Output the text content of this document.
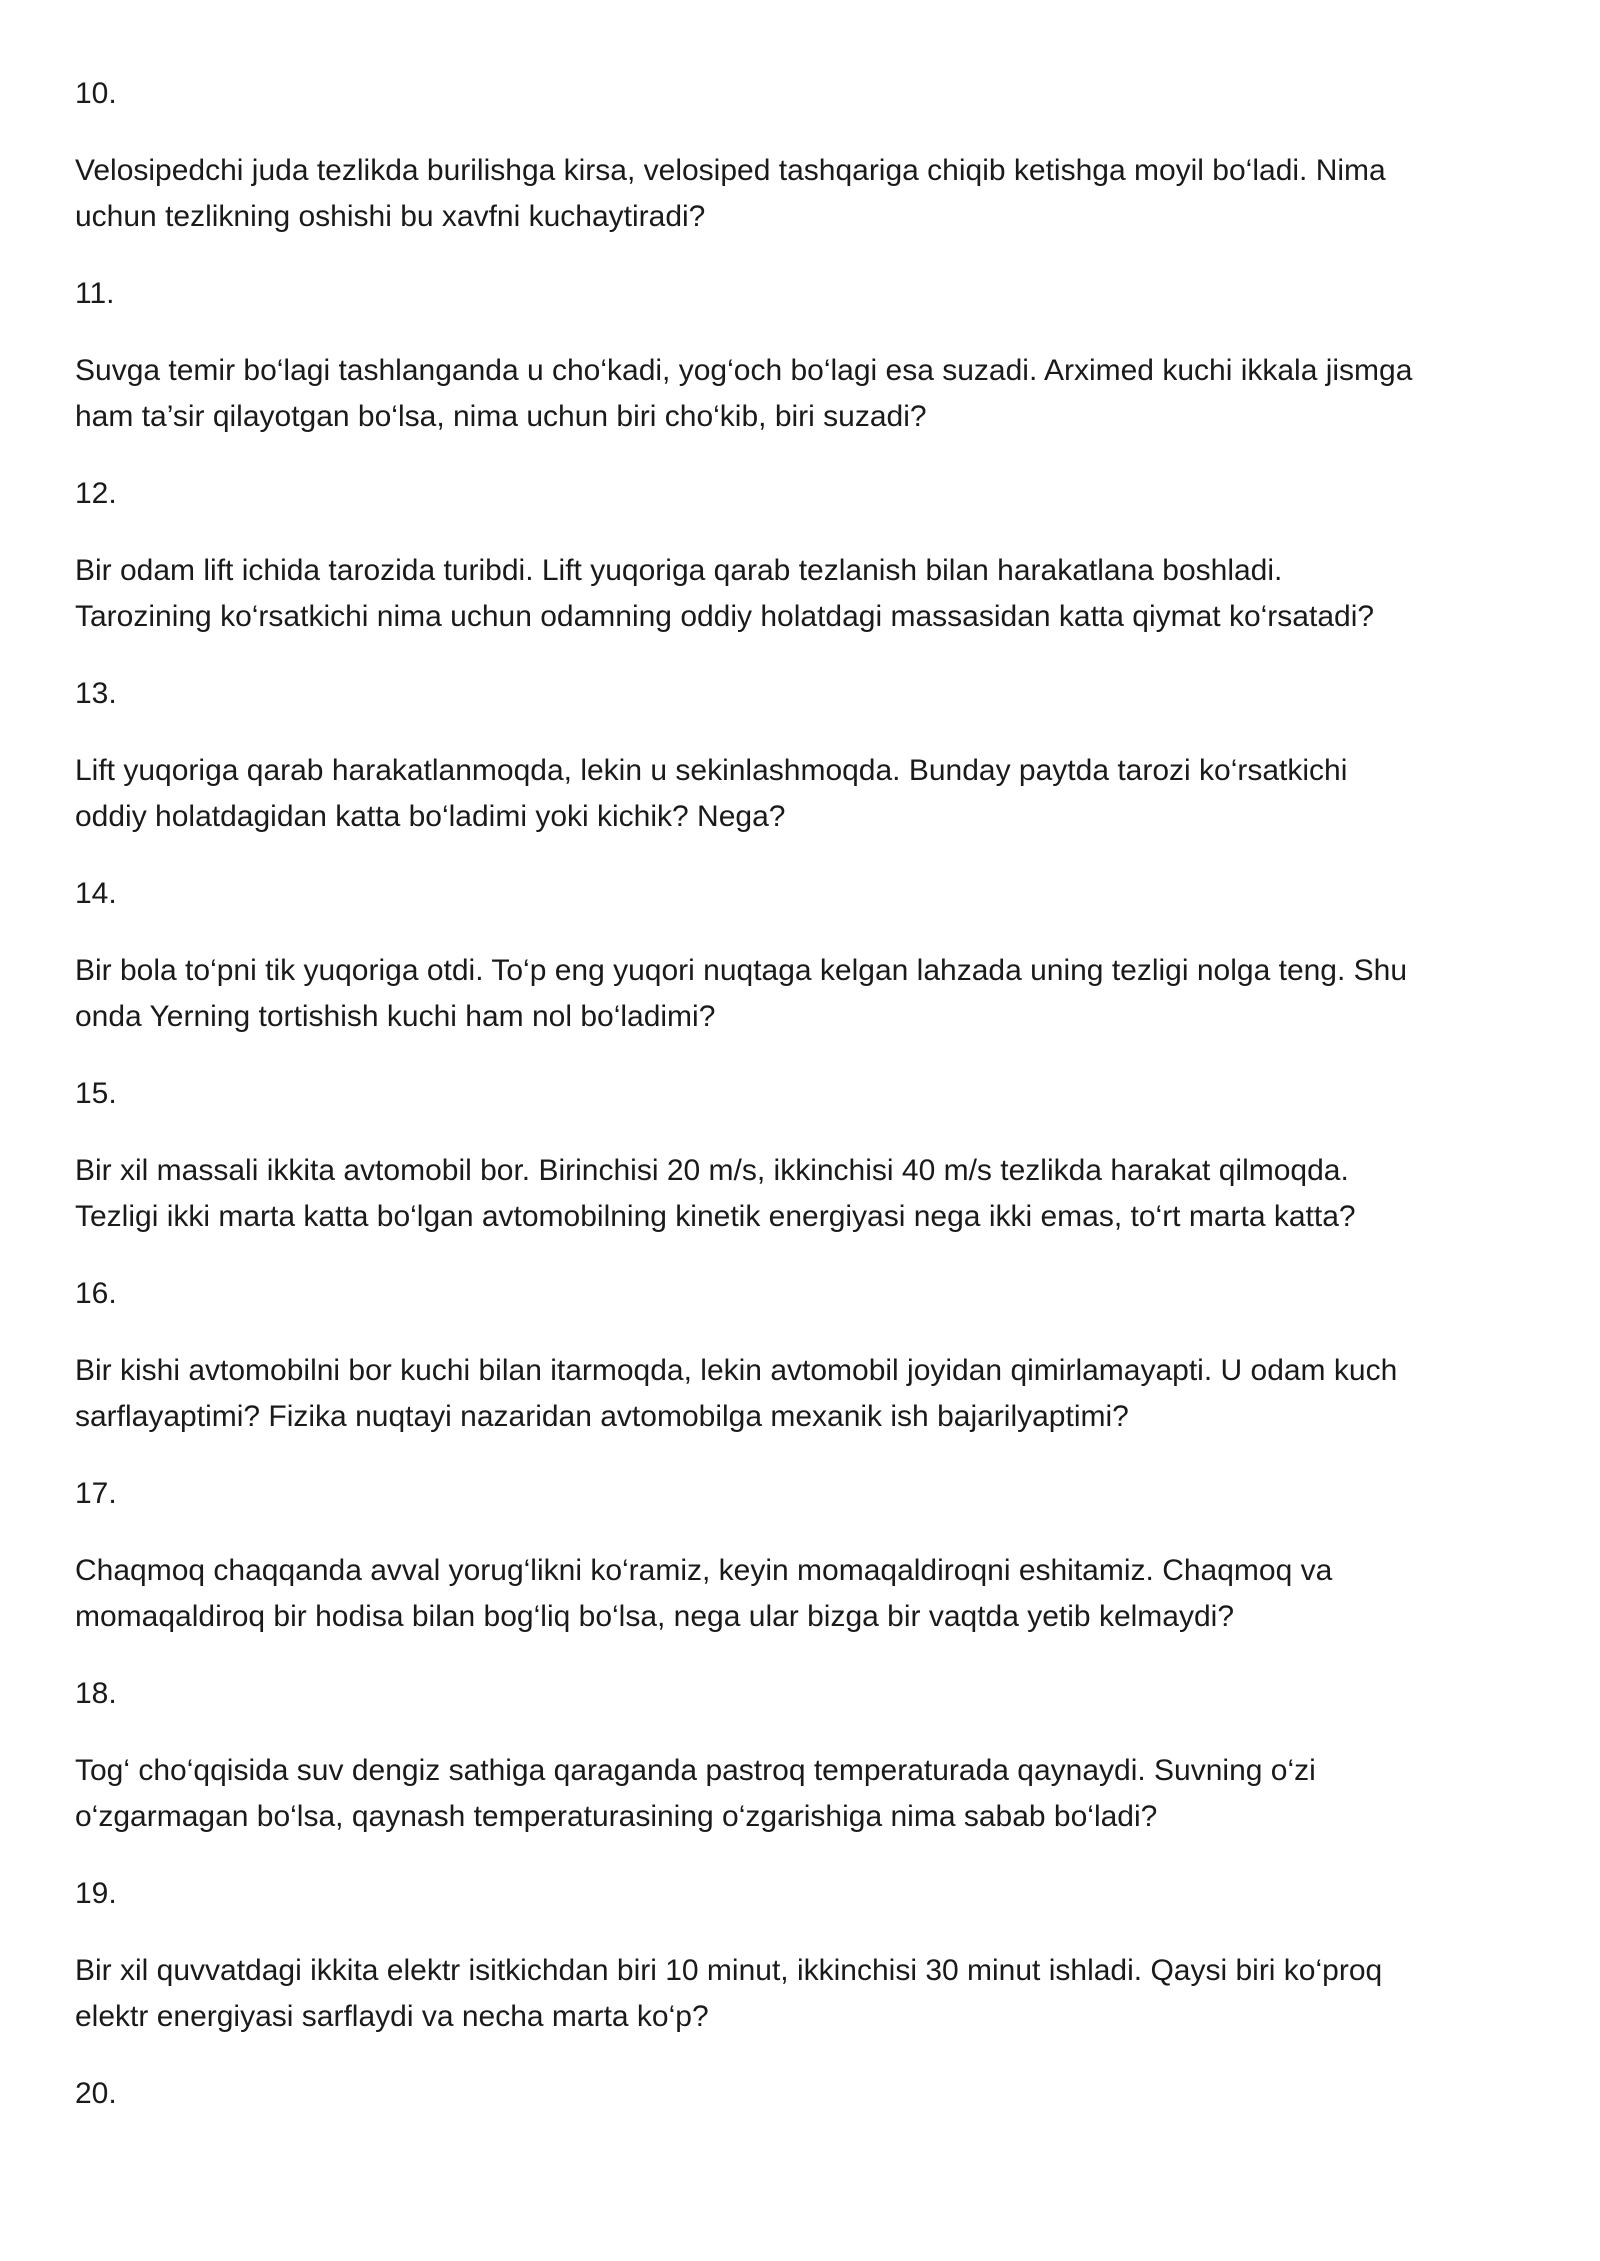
10.

Velosipedchi juda tezlikda burilishga kirsa, velosiped tashqariga chiqib ketishga moyil bo‘ladi. Nima
uchun tezlikning oshishi bu xavfni kuchaytiradi?

11.

Suvga temir bo‘lagi tashlanganda u cho‘kadi, yog‘och bo‘lagi esa suzadi. Arximed kuchi ikkala jismga
ham ta’sir qilayotgan bo‘lsa, nima uchun biri cho‘kib, biri suzadi?

12.

Bir odam lift ichida tarozida turibdi. Lift yuqoriga qarab tezlanish bilan harakatlana boshladi.
Tarozining ko‘rsatkichi nima uchun odamning oddiy holatdagi massasidan katta qiymat ko‘rsatadi?

13.

Lift yuqoriga qarab harakatlanmoqda, lekin u sekinlashmoqda. Bunday paytda tarozi ko‘rsatkichi
oddiy holatdagidan katta bo‘ladimi yoki kichik? Nega?

14.

Bir bola to‘pni tik yuqoriga otdi. To‘p eng yuqori nuqtaga kelgan lahzada uning tezligi nolga teng. Shu
onda Yerning tortishish kuchi ham nol bo‘ladimi?

15.

Bir xil massali ikkita avtomobil bor. Birinchisi 20 m/s, ikkinchisi 40 m/s tezlikda harakat qilmoqda.
Tezligi ikki marta katta bo‘lgan avtomobilning kinetik energiyasi nega ikki emas, to‘rt marta katta?

16.

Bir kishi avtomobilni bor kuchi bilan itarmoqda, lekin avtomobil joyidan qimirlamayapti. U odam kuch
sarflayaptimi? Fizika nuqtayi nazaridan avtomobilga mexanik ish bajarilyaptimi?

17.

Chaqmoq chaqqanda avval yorug‘likni ko‘ramiz, keyin momaqaldiroqni eshitamiz. Chaqmoq va
momaqaldiroq bir hodisa bilan bog‘liq bo‘lsa, nega ular bizga bir vaqtda yetib kelmaydi?

18.

Tog‘ cho‘qqisida suv dengiz sathiga qaraganda pastroq temperaturada qaynaydi. Suvning o‘zi
o‘zgarmagan bo‘lsa, qaynash temperaturasining o‘zgarishiga nima sabab bo‘ladi?

19.

Bir xil quvvatdagi ikkita elektr isitkichdan biri 10 minut, ikkinchisi 30 minut ishladi. Qaysi biri ko‘proq
elektr energiyasi sarflaydi va necha marta ko‘p?

20.
